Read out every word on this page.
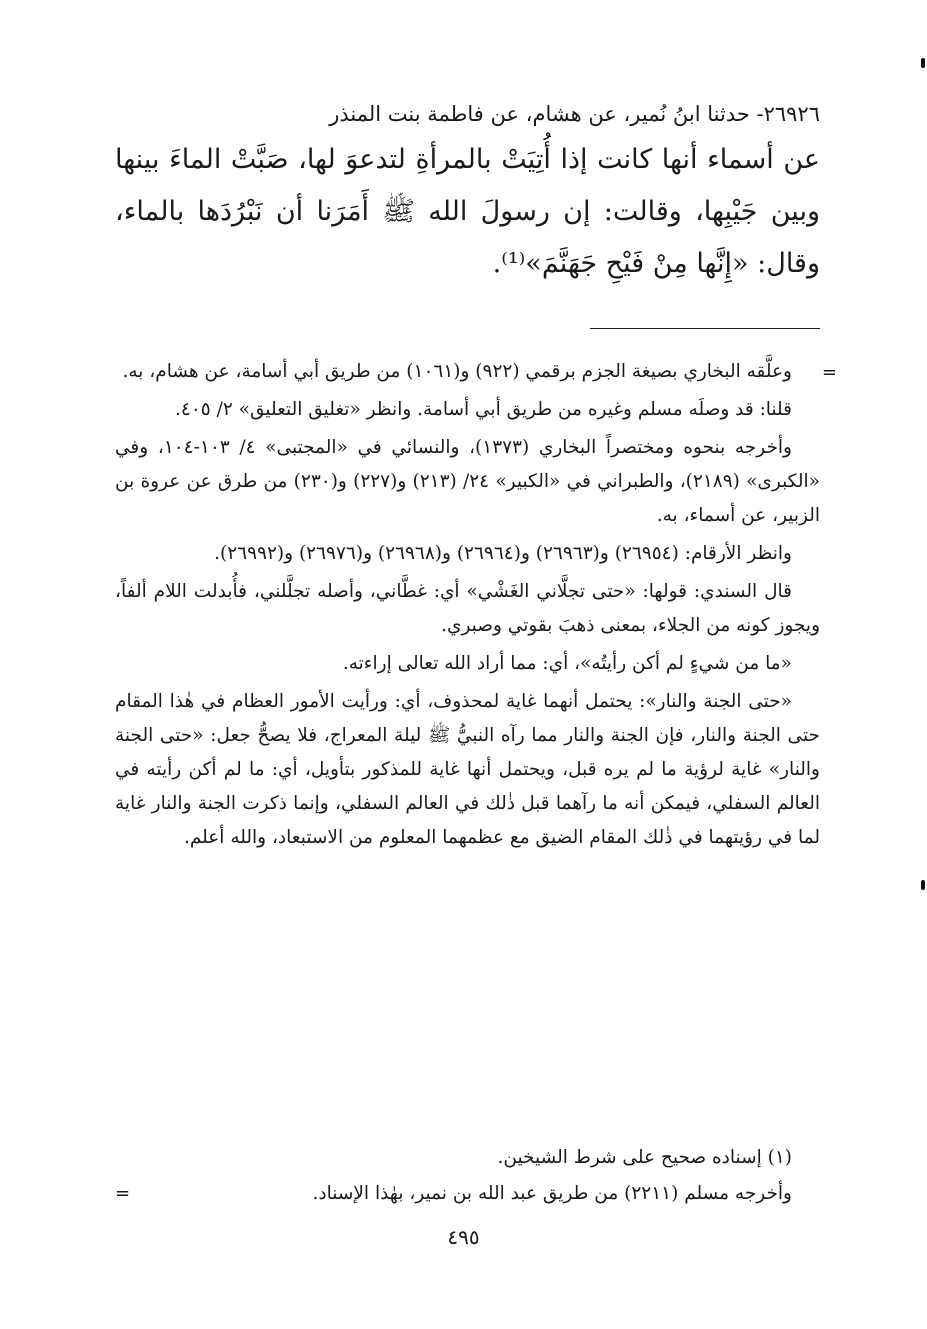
٢٦٩٢٦- حدثنا ابنُ نُمير، عن هشام، عن فاطمة بنت المنذر

عن أسماء أنها كانت إذا أُتِيَتْ بالمرأةِ لتدعوَ لها، صَبَّتْ الماءَ بينها وبين جَيْبِها، وقالت: إن رسولَ الله ﷺ أَمَرَنا أن نَبْرُدَها بالماء، وقال: «إِنَّها مِنْ فَيْحِ جَهَنَّمَ»⁽¹⁾.

=

وعلَّقه البخاري بصيغة الجزم برقمي (٩٢٢) و(١٠٦١) من طريق أبي أسامة، عن هشام، به.

قلنا: قد وصلَه مسلم وغيره من طريق أبي أسامة. وانظر «تغليق التعليق» ٢/ ٤٠٥.

وأخرجه بنحوه ومختصراً البخاري (١٣٧٣)، والنسائي في «المجتبى» ٤/ ١٠٣-١٠٤، وفي «الكبرى» (٢١٨٩)، والطبراني في «الكبير» ٢٤/ (٢١٣) و(٢٢٧) و(٢٣٠) من طرق عن عروة بن الزبير، عن أسماء، به.

وانظر الأرقام: (٢٦٩٥٤) و(٢٦٩٦٣) و(٢٦٩٦٤) و(٢٦٩٦٨) و(٢٦٩٧٦) و(٢٦٩٩٢).

قال السندي: قولها: «حتى تجلَّاني الغَشْي» أي: غطَّاني، وأصله تجلَّلني، فأُبدلت اللام ألفاً، ويجوز كونه من الجلاء، بمعنى ذهبَ بقوتي وصبري.

«ما من شيءٍ لم أكن رأيتُه»، أي: مما أراد الله تعالى إراءته.

«حتى الجنة والنار»: يحتمل أنهما غاية لمحذوف، أي: ورأيت الأمور العظام في هٰذا المقام حتى الجنة والنار، فإن الجنة والنار مما رآه النبيُّ ﷺ ليلة المعراج، فلا يصحُّ جعل: «حتى الجنة والنار» غاية لرؤية ما لم يره قبل، ويحتمل أنها غاية للمذكور بتأويل، أي: ما لم أكن رأيته في العالم السفلي، فيمكن أنه ما رآهما قبل ذٰلك في العالم السفلي، وإنما ذكرت الجنة والنار غاية لما في رؤيتهما في ذٰلك المقام الضيق مع عظمهما المعلوم من الاستبعاد، والله أعلم.

(١) إسناده صحيح على شرط الشيخين.

وأخرجه مسلم (٢٢١١) من طريق عبد الله بن نمير، بهٰذا الإسناد.

=
٤٩٥
